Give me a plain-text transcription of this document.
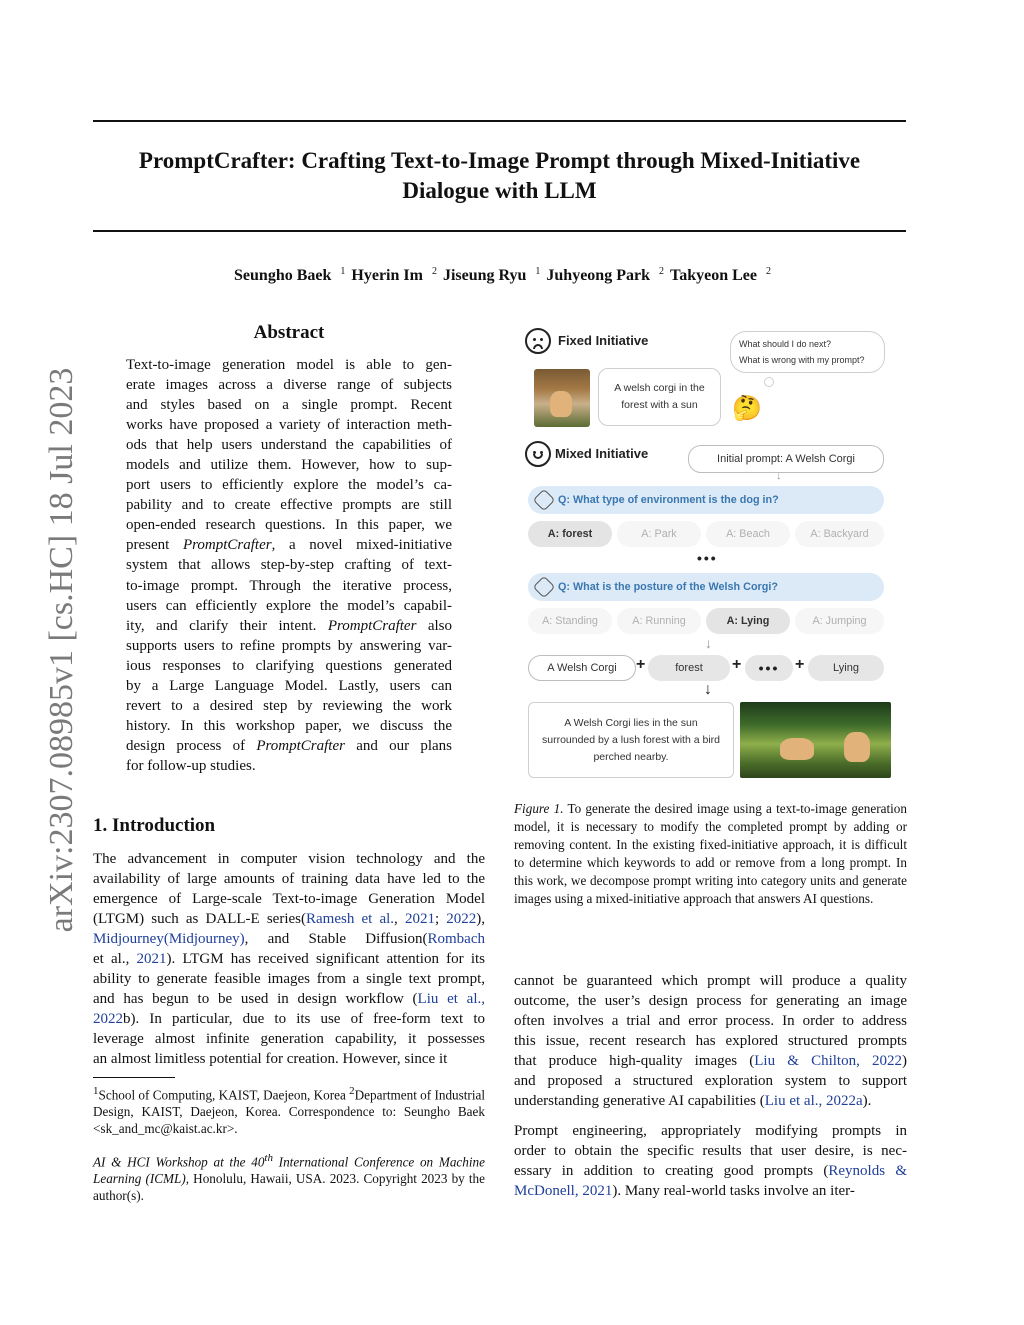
PromptCrafter: Crafting Text-to-Image Prompt through Mixed-Initiative
Dialogue with LLM
Seungho Baek $^1$ Hyerin Im $^2$ Jiseung Ryu $^1$ Juhyeong Park $^2$ Takyeon Lee $^2$
arXiv:2307.08985v1 [cs.HC] 18 Jul 2023
Abstract
Text-to-image generation model is able to gen-
erate images across a diverse range of subjects
and styles based on a single prompt. Recent
works have proposed a variety of interaction meth-
ods that help users understand the capabilities of
models and utilize them. However, how to sup-
port users to efficiently explore the model’s ca-
pability and to create effective prompts are still
open-ended research questions. In this paper, we
present PromptCrafter, a novel mixed-initiative
system that allows step-by-step crafting of text-
to-image prompt. Through the iterative process,
users can efficiently explore the model’s capabil-
ity, and clarify their intent. PromptCrafter also
supports users to refine prompts by answering var-
ious responses to clarifying questions generated
by a Large Language Model. Lastly, users can
revert to a desired step by reviewing the work
history. In this workshop paper, we discuss the
design process of PromptCrafter and our plans
for follow-up studies.
1. Introduction
The advancement in computer vision technology and the
availability of large amounts of training data have led to the
emergence of Large-scale Text-to-image Generation Model
(LTGM) such as DALL-E series(Ramesh et al., 2021; 2022),
Midjourney(Midjourney), and Stable Diffusion(Rombach
et al., 2021). LTGM has received significant attention for its
ability to generate feasible images from a single text prompt,
and has begun to be used in design workflow (Liu et al.,
2022b). In particular, due to its use of free-form text to
leverage almost infinite generation capability, it possesses
an almost limitless potential for creation. However, since it
$^1$School of Computing, KAIST, Daejeon, Korea $^2$Department of Industrial Design, KAIST, Daejeon, Korea. Correspondence to: Seungho Baek <sk_and_mc@kaist.ac.kr>.
AI & HCI Workshop at the 40th International Conference on Machine Learning (ICML), Honolulu, Hawaii, USA. 2023. Copyright 2023 by the author(s).
Fixed Initiative	What should I do next?
What is wrong with my prompt?
🤔
A welsh corgi in the forest with a sun
Mixed Initiative	Initial prompt: A Welsh Corgi
↓
Q: What type of environment is the dog in?
A: forest	A: Park	A: Beach	A: Backyard
•••
Q: What is the posture of the Welsh Corgi?
A: Standing	A: Running	A: Lying	A: Jumping
↓
A Welsh Corgi	+	forest	+	••• +	Lying
↓
A Welsh Corgi lies in the sun surrounded by a lush forest with a bird perched nearby.
Figure 1. To generate the desired image using a text-to-image generation model, it is necessary to modify the completed prompt by adding or removing content. In the existing fixed-initiative approach, it is difficult to determine which keywords to add or remove from a long prompt. In this work, we decompose prompt writing into category units and generate images using a mixed-initiative approach that answers AI questions.
cannot be guaranteed which prompt will produce a quality
outcome, the user’s design process for generating an image
often involves a trial and error process. In order to address
this issue, recent research has explored structured prompts
that produce high-quality images (Liu & Chilton, 2022)
and proposed a structured exploration system to support
understanding generative AI capabilities (Liu et al., 2022a).
Prompt engineering, appropriately modifying prompts in
order to obtain the specific results that user desire, is nec-
essary in addition to creating good prompts (Reynolds &
McDonell, 2021). Many real-world tasks involve an iter-
